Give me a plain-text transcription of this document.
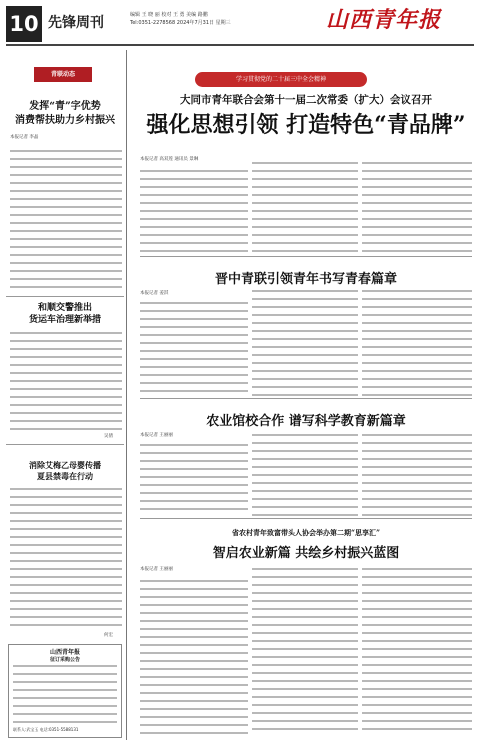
10 先锋周刊	编辑 王 晓 丽 校对 王 勇 美编 路鹏
Tel:0351-2278568 2024年7月31日 星期三	山西青年报
青联动态
发挥“青”字优势
消费帮扶助力乡村振兴
本报记者 李晶
和顺交警推出
货运车治理新举措
吴倩
消除艾梅乙母婴传播
夏县禁毒在行动
何宏
山西青年报
征订采购公告
联系人:武宝玉 电话:0351-5588131
学习贯彻党的二十届三中全会精神
大同市青年联合会第十一届二次常委（扩大）会议召开
强化思想引领 打造特色“青品牌”
本报记者 高双莲 通讯员 景琳
晋中青联引领青年书写青春篇章
本报记者 姜淇
农业馆校合作 谱写科学教育新篇章
本报记者 王丽丽
省农村青年致富带头人协会举办第二期“思享汇”
智启农业新篇 共绘乡村振兴蓝图
本报记者 王丽丽
